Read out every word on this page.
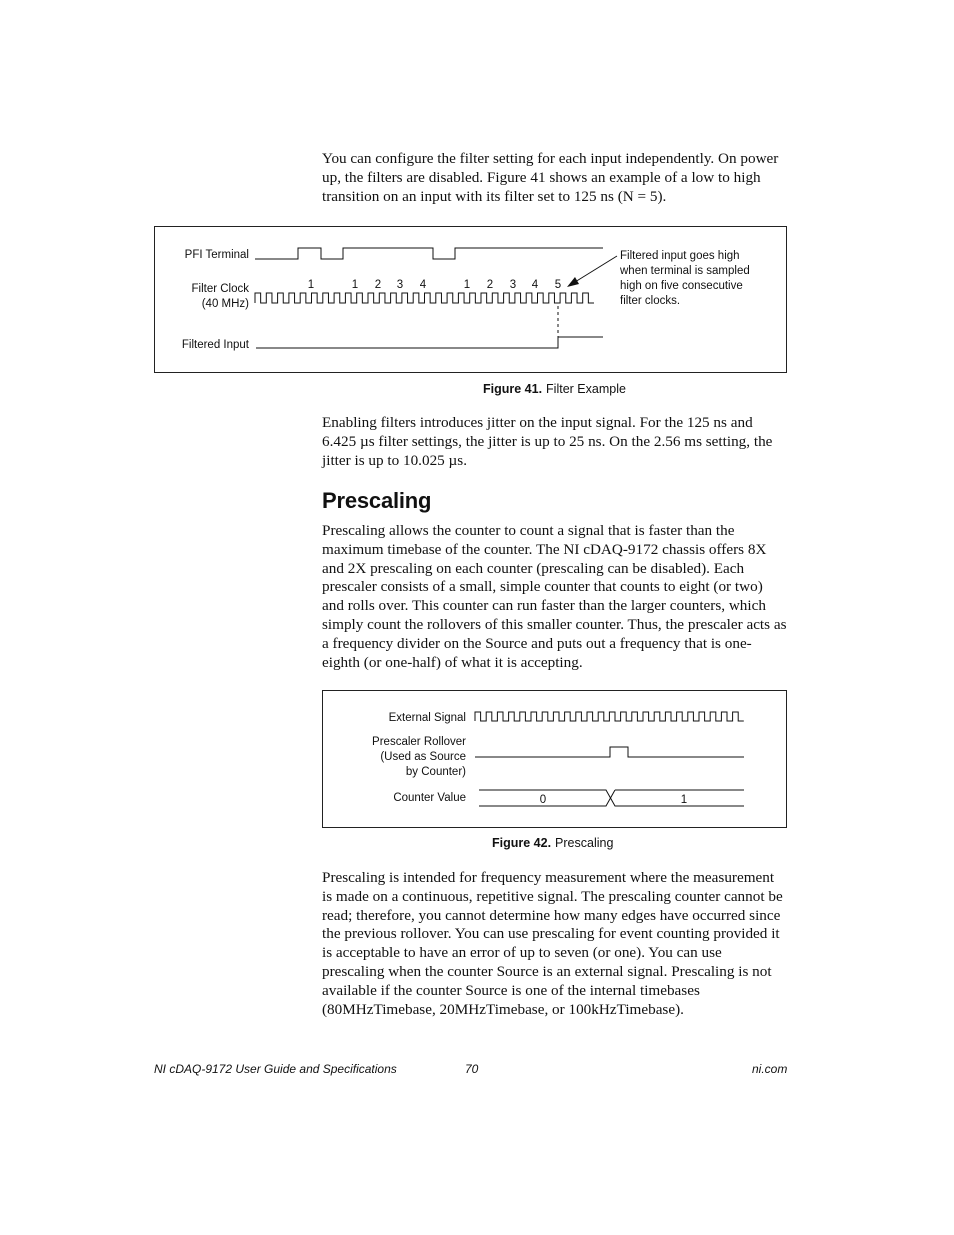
You can configure the filter setting for each input independently. On power up, the filters are disabled. Figure 41 shows an example of a low to high transition on an input with its filter set to 125 ns (N = 5).
PFI Terminal
Filter Clock
(40 MHz)
Filtered Input
1	1 2 3 4	1 2 3 4 5
Filtered input goes high
when terminal is sampled
high on five consecutive
filter clocks.
Figure 41. Filter Example
Enabling filters introduces jitter on the input signal. For the 125 ns and 6.425 µs filter settings, the jitter is up to 25 ns. On the 2.56 ms setting, the jitter is up to 10.025 µs.
Prescaling
Prescaling allows the counter to count a signal that is faster than the maximum timebase of the counter. The NI cDAQ-9172 chassis offers 8X and 2X prescaling on each counter (prescaling can be disabled). Each prescaler consists of a small, simple counter that counts to eight (or two) and rolls over. This counter can run faster than the larger counters, which simply count the rollovers of this smaller counter. Thus, the prescaler acts as a frequency divider on the Source and puts out a frequency that is one-eighth (or one-half) of what it is accepting.
External Signal
Prescaler Rollover
(Used as Source
by Counter)
Counter Value	0	1
Figure 42. Prescaling
Prescaling is intended for frequency measurement where the measurement is made on a continuous, repetitive signal. The prescaling counter cannot be read; therefore, you cannot determine how many edges have occurred since the previous rollover. You can use prescaling for event counting provided it is acceptable to have an error of up to seven (or one). You can use prescaling when the counter Source is an external signal. Prescaling is not available if the counter Source is one of the internal timebases (80MHzTimebase, 20MHzTimebase, or 100kHzTimebase).
NI cDAQ-9172 User Guide and Specifications	70	ni.com
